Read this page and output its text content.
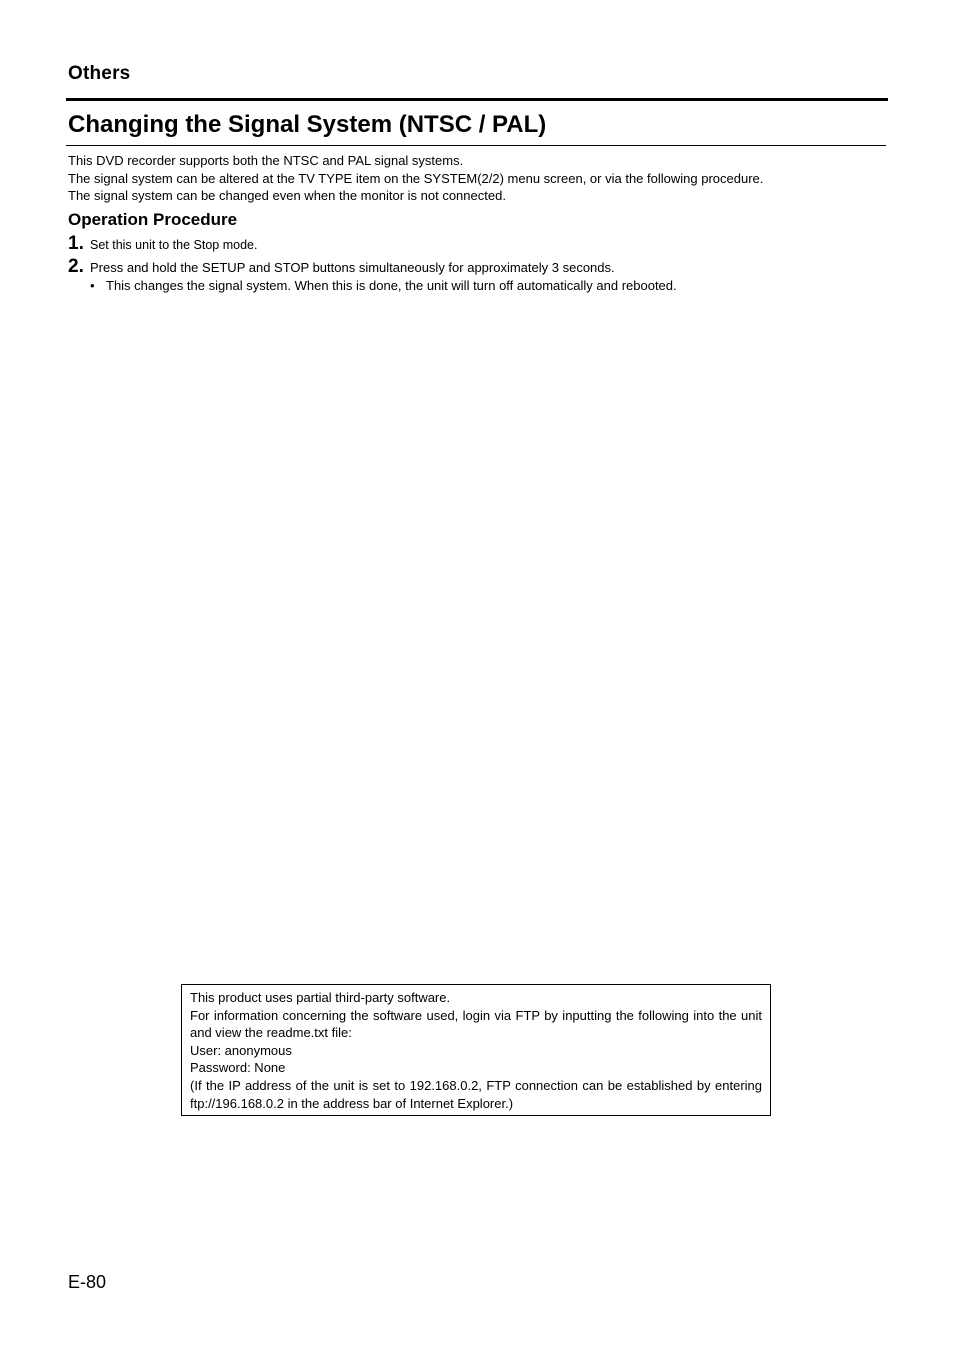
Others
Changing the Signal System (NTSC / PAL)

This DVD recorder supports both the NTSC and PAL signal systems.

The signal system can be altered at the TV TYPE item on the SYSTEM(2/2) menu screen, or via the following procedure.

The signal system can be changed even when the monitor is not connected.

Operation Procedure
1. Set this unit to the Stop mode.
2. Press and hold the SETUP and STOP buttons simultaneously for approximately 3 seconds.
• This changes the signal system. When this is done, the unit will turn off automatically and rebooted.

This product uses partial third-party software.

For information concerning the software used, login via FTP by inputting the following into the unit and view the readme.txt file:

User: anonymous

Password: None

(If the IP address of the unit is set to 192.168.0.2, FTP connection can be established by entering ftp://196.168.0.2 in the address bar of Internet Explorer.)

E-80
